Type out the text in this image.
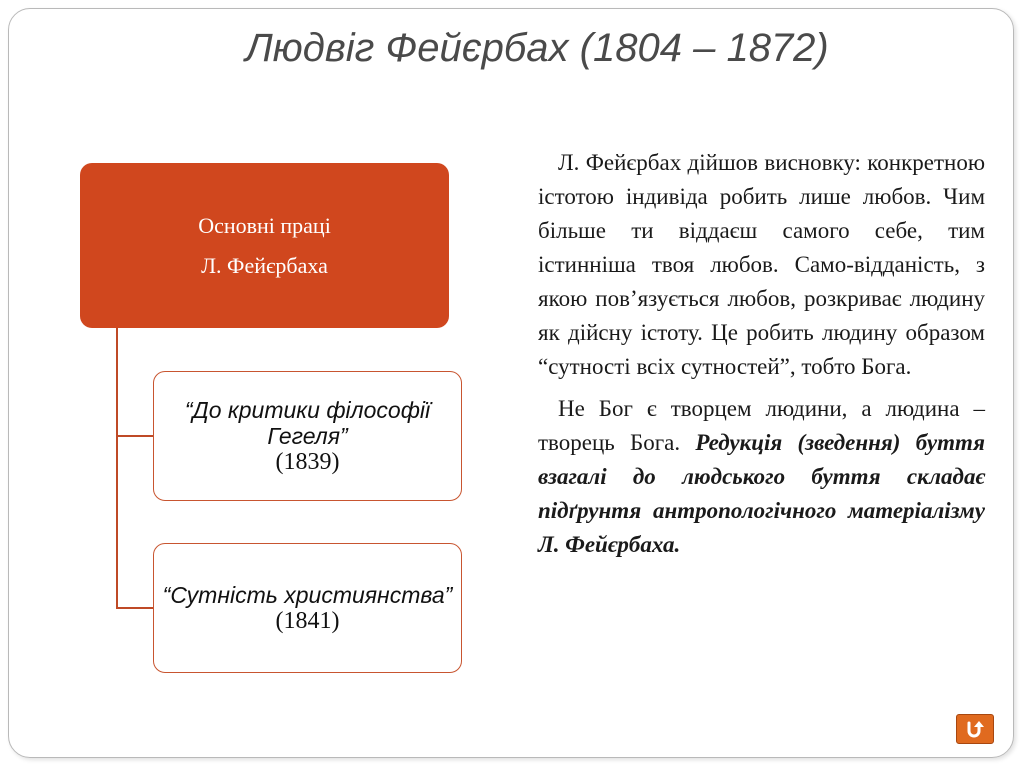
Людвіг Фейєрбах (1804 – 1872)
Основні праці
Л. Фейєрбаха
“До критики філософії Гегеля”
(1839)
“Сутність християнства”
(1841)

Л. Фейєрбах дійшов висновку: конкретною істотою індивіда робить лише любов. Чим більше ти віддаєш самого себе, тим істинніша твоя любов. Само-відданість, з якою пов’язується любов, розкриває людину як дійсну істоту. Це робить людину образом “сутності всіх сутностей”, тобто Бога.

Не Бог є творцем людини, а людина – творець Бога. Редукція (зведення) буття взагалі до людського буття складає підґрунтя антропологічного матеріалізму Л. Фейєрбаха.
